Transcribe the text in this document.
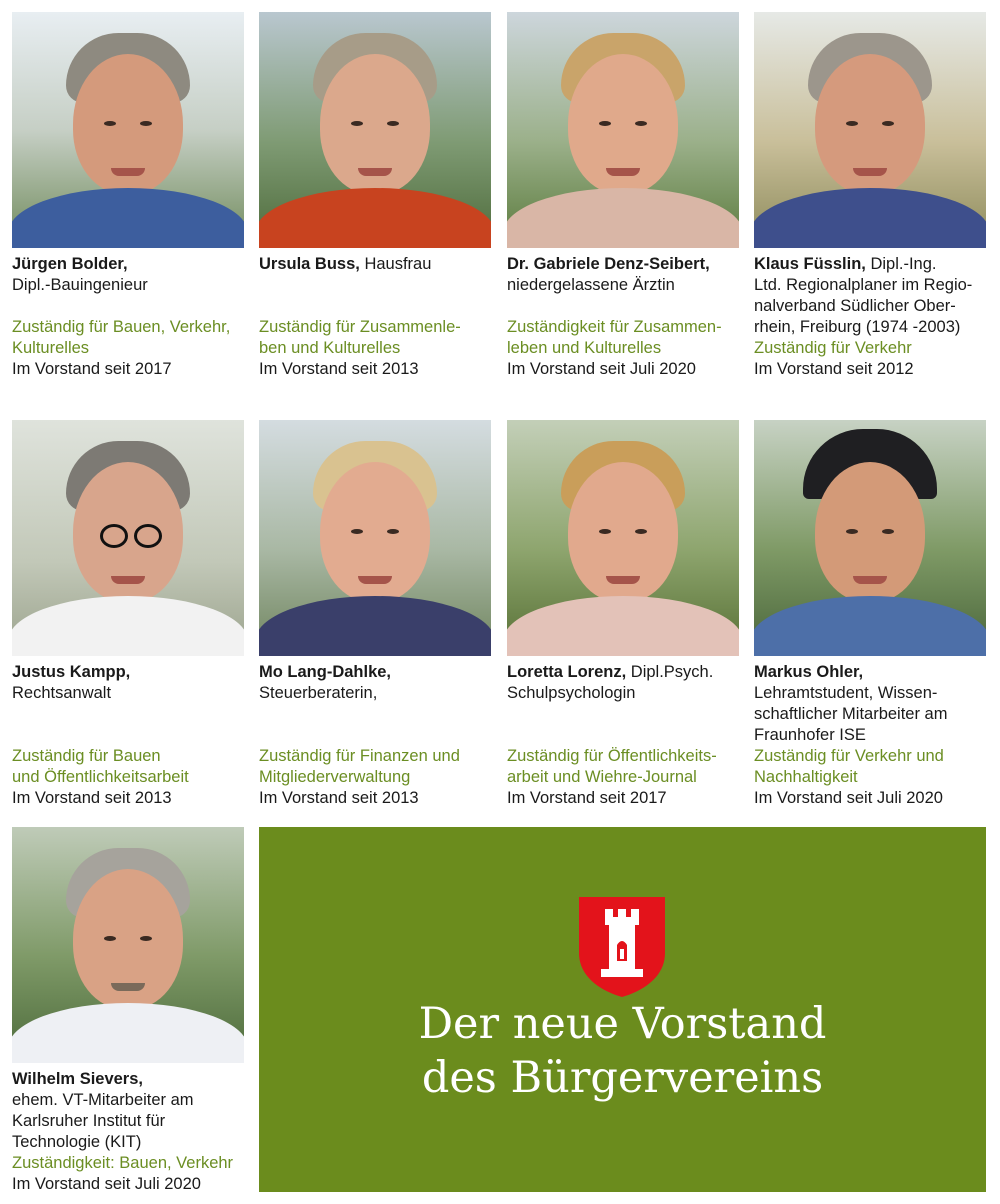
Jürgen Bolder,
Dipl.-Bauingenieur
Zuständig für Bauen, Verkehr,
Kulturelles
Im Vorstand seit 2017
Ursula Buss, Hausfrau
Zuständig für Zusammenle-
ben und Kulturelles
Im Vorstand seit 2013
Dr. Gabriele Denz-Seibert,
niedergelassene Ärztin
Zuständigkeit für Zusammen-
leben und Kulturelles
Im Vorstand seit Juli 2020
Klaus Füsslin, Dipl.-Ing.
Ltd. Regionalplaner im Regio-
nalverband Südlicher Ober-
rhein, Freiburg (1974 -2003)
Zuständig für Verkehr
Im Vorstand seit 2012
Justus Kampp,
Rechtsanwalt
Zuständig für Bauen
und Öffentlichkeitsarbeit
Im Vorstand seit 2013
Mo Lang-Dahlke,
Steuerberaterin,
Zuständig für Finanzen und
Mitgliederverwaltung
Im Vorstand seit 2013
Loretta Lorenz, Dipl.Psych.
Schulpsychologin
Zuständig für Öffentlichkeits-
arbeit und Wiehre-Journal
Im Vorstand seit 2017
Markus Ohler,
Lehramtstudent, Wissen-
schaftlicher Mitarbeiter am
Fraunhofer ISE
Zuständig für Verkehr und
Nachhaltigkeit
Im Vorstand seit Juli 2020
Wilhelm Sievers,
ehem. VT-Mitarbeiter am
Karlsruher Institut für
Technologie (KIT)
Zuständigkeit: Bauen, Verkehr
Im Vorstand seit Juli 2020
Der neue Vorstand
des Bürgervereins
